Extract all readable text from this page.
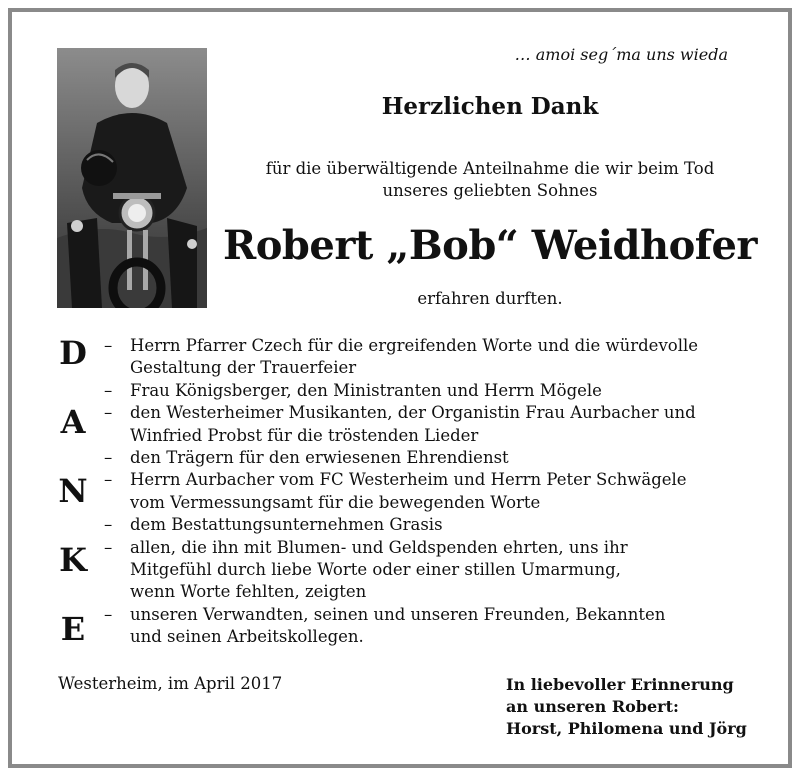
… amoi seg´ma uns wieda
Herzlichen Dank
für die überwältigende Anteilnahme die wir beim Tod
unseres geliebten Sohnes
Robert „Bob“ Weidhofer
erfahren durften.
D
A
N
K
E
– Herrn Pfarrer Czech für die ergreifenden Worte und die würdevolle
Gestaltung der Trauerfeier
– Frau Königsberger, den Ministranten und Herrn Mögele
– den Westerheimer Musikanten, der Organistin Frau Aurbacher und
Winfried Probst für die tröstenden Lieder
– den Trägern für den erwiesenen Ehrendienst
– Herrn Aurbacher vom FC Westerheim und Herrn Peter Schwägele
vom Vermessungsamt für die bewegenden Worte
– dem Bestattungsunternehmen Grasis
– allen, die ihn mit Blumen- und Geldspenden ehrten, uns ihr
Mitgefühl durch liebe Worte oder einer stillen Umarmung,
wenn Worte fehlten, zeigten
– unseren Verwandten, seinen und unseren Freunden, Bekannten
und seinen Arbeitskollegen.
Westerheim, im April 2017	In liebevoller Erinnerung
an unseren Robert:
Horst, Philomena und Jörg
